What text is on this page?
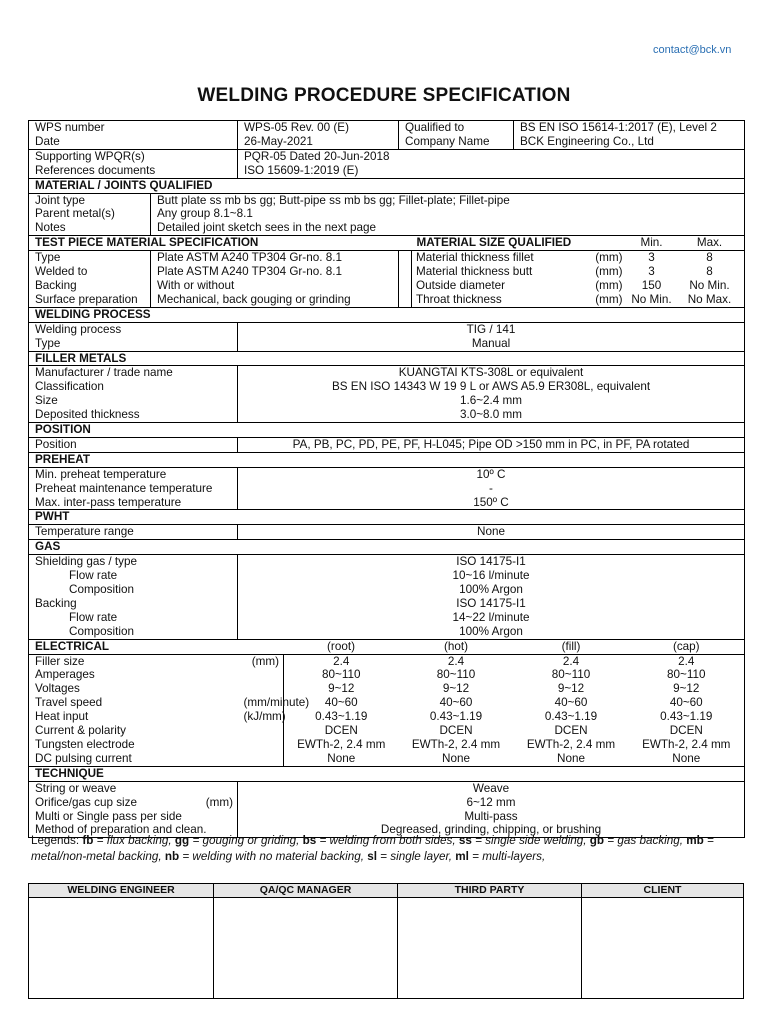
contact@bck.vn
WELDING PROCEDURE SPECIFICATION
WPS number		WPS-05 Rev. 00 (E)		Qualified to	BS EN ISO 15614-1:2017 (E), Level 2	
Date		26-May-2021		Company Name	BCK Engineering Co., Ltd	
Supporting WPQR(s)		PQR-05 Dated 20-Jun-2018				
References documents		ISO 15609-1:2019 (E)				
MATERIAL / JOINTS QUALIFIED						
Joint type	Butt plate ss mb bs gg; Butt-pipe ss mb bs gg; Fillet-plate; Fillet-pipe					
Parent metal(s)	Any group 8.1~8.1					
Notes	Detailed joint sketch sees in the next page					
TEST PIECE MATERIAL SPECIFICATION				MATERIAL SIZE QUALIFIED		Min. Max.
Type	Plate ASTM A240 TP304 Gr-no. 8.1			Material thickness fillet (mm)		3 8
Welded to	Plate ASTM A240 TP304 Gr-no. 8.1			Material thickness butt (mm)		3 8
Backing	With or without			Outside diameter (mm)		150 No Min.
Surface preparation	Mechanical, back gouging or grinding			Throat thickness (mm)		No Min. No Max.
WELDING PROCESS						
Welding process		TIG / 141				
Type		Manual				
FILLER METALS						
Manufacturer / trade name		KUANGTAI KTS-308L or equivalent				
Classification		BS EN ISO 14343 W 19 9 L or AWS A5.9 ER308L, equivalent				
Size		1.6~2.4 mm				
Deposited thickness		3.0~8.0 mm				
POSITION						
Position		PA, PB, PC, PD, PE, PF, H-L045; Pipe OD >150 mm in PC, in PF, PA rotated				
PREHEAT						
Min. preheat temperature		10º C				
Preheat maintenance temperature		-				
Max. inter-pass temperature		150º C				
PWHT						
Temperature range		None				
GAS						
Shielding gas / type		ISO 14175-I1				
Flow rate		10~16 l/minute				
Composition		100% Argon				
Backing		ISO 14175-I1				
Flow rate		14~22 l/minute				
Composition		100% Argon				
ELECTRICAL			(root)	(hot)	(fill)	(cap)
Filler size		(mm)	2.4	2.4	2.4	2.4
Amperages			80~110	80~110	80~110	80~110
Voltages			9~12	9~12	9~12	9~12
Travel speed		(mm/minute)	40~60	40~60	40~60	40~60
Heat input		(kJ/mm)	0.43~1.19	0.43~1.19	0.43~1.19	0.43~1.19
Current & polarity			DCEN	DCEN	DCEN	DCEN
Tungsten electrode			EWTh-2, 2.4 mm	EWTh-2, 2.4 mm	EWTh-2, 2.4 mm	EWTh-2, 2.4 mm
DC pulsing current			None	None	None	None
TECHNIQUE						

String or weave		Weave				

Orifice/gas cup size (mm)		6~12 mm				

Multi or Single pass per side		Multi-pass				

Method of preparation and clean.		Degreased, grinding, chipping, or brushing				
Legends: fb = flux backing, gg = gouging or griding, bs = welding from both sides, ss = single side welding, gb = gas backing, mb = metal/non-metal backing, nb = welding with no material backing, sl = single layer, ml = multi-layers,
WELDING ENGINEER	QA/QC MANAGER	THIRD PARTY	CLIENT
